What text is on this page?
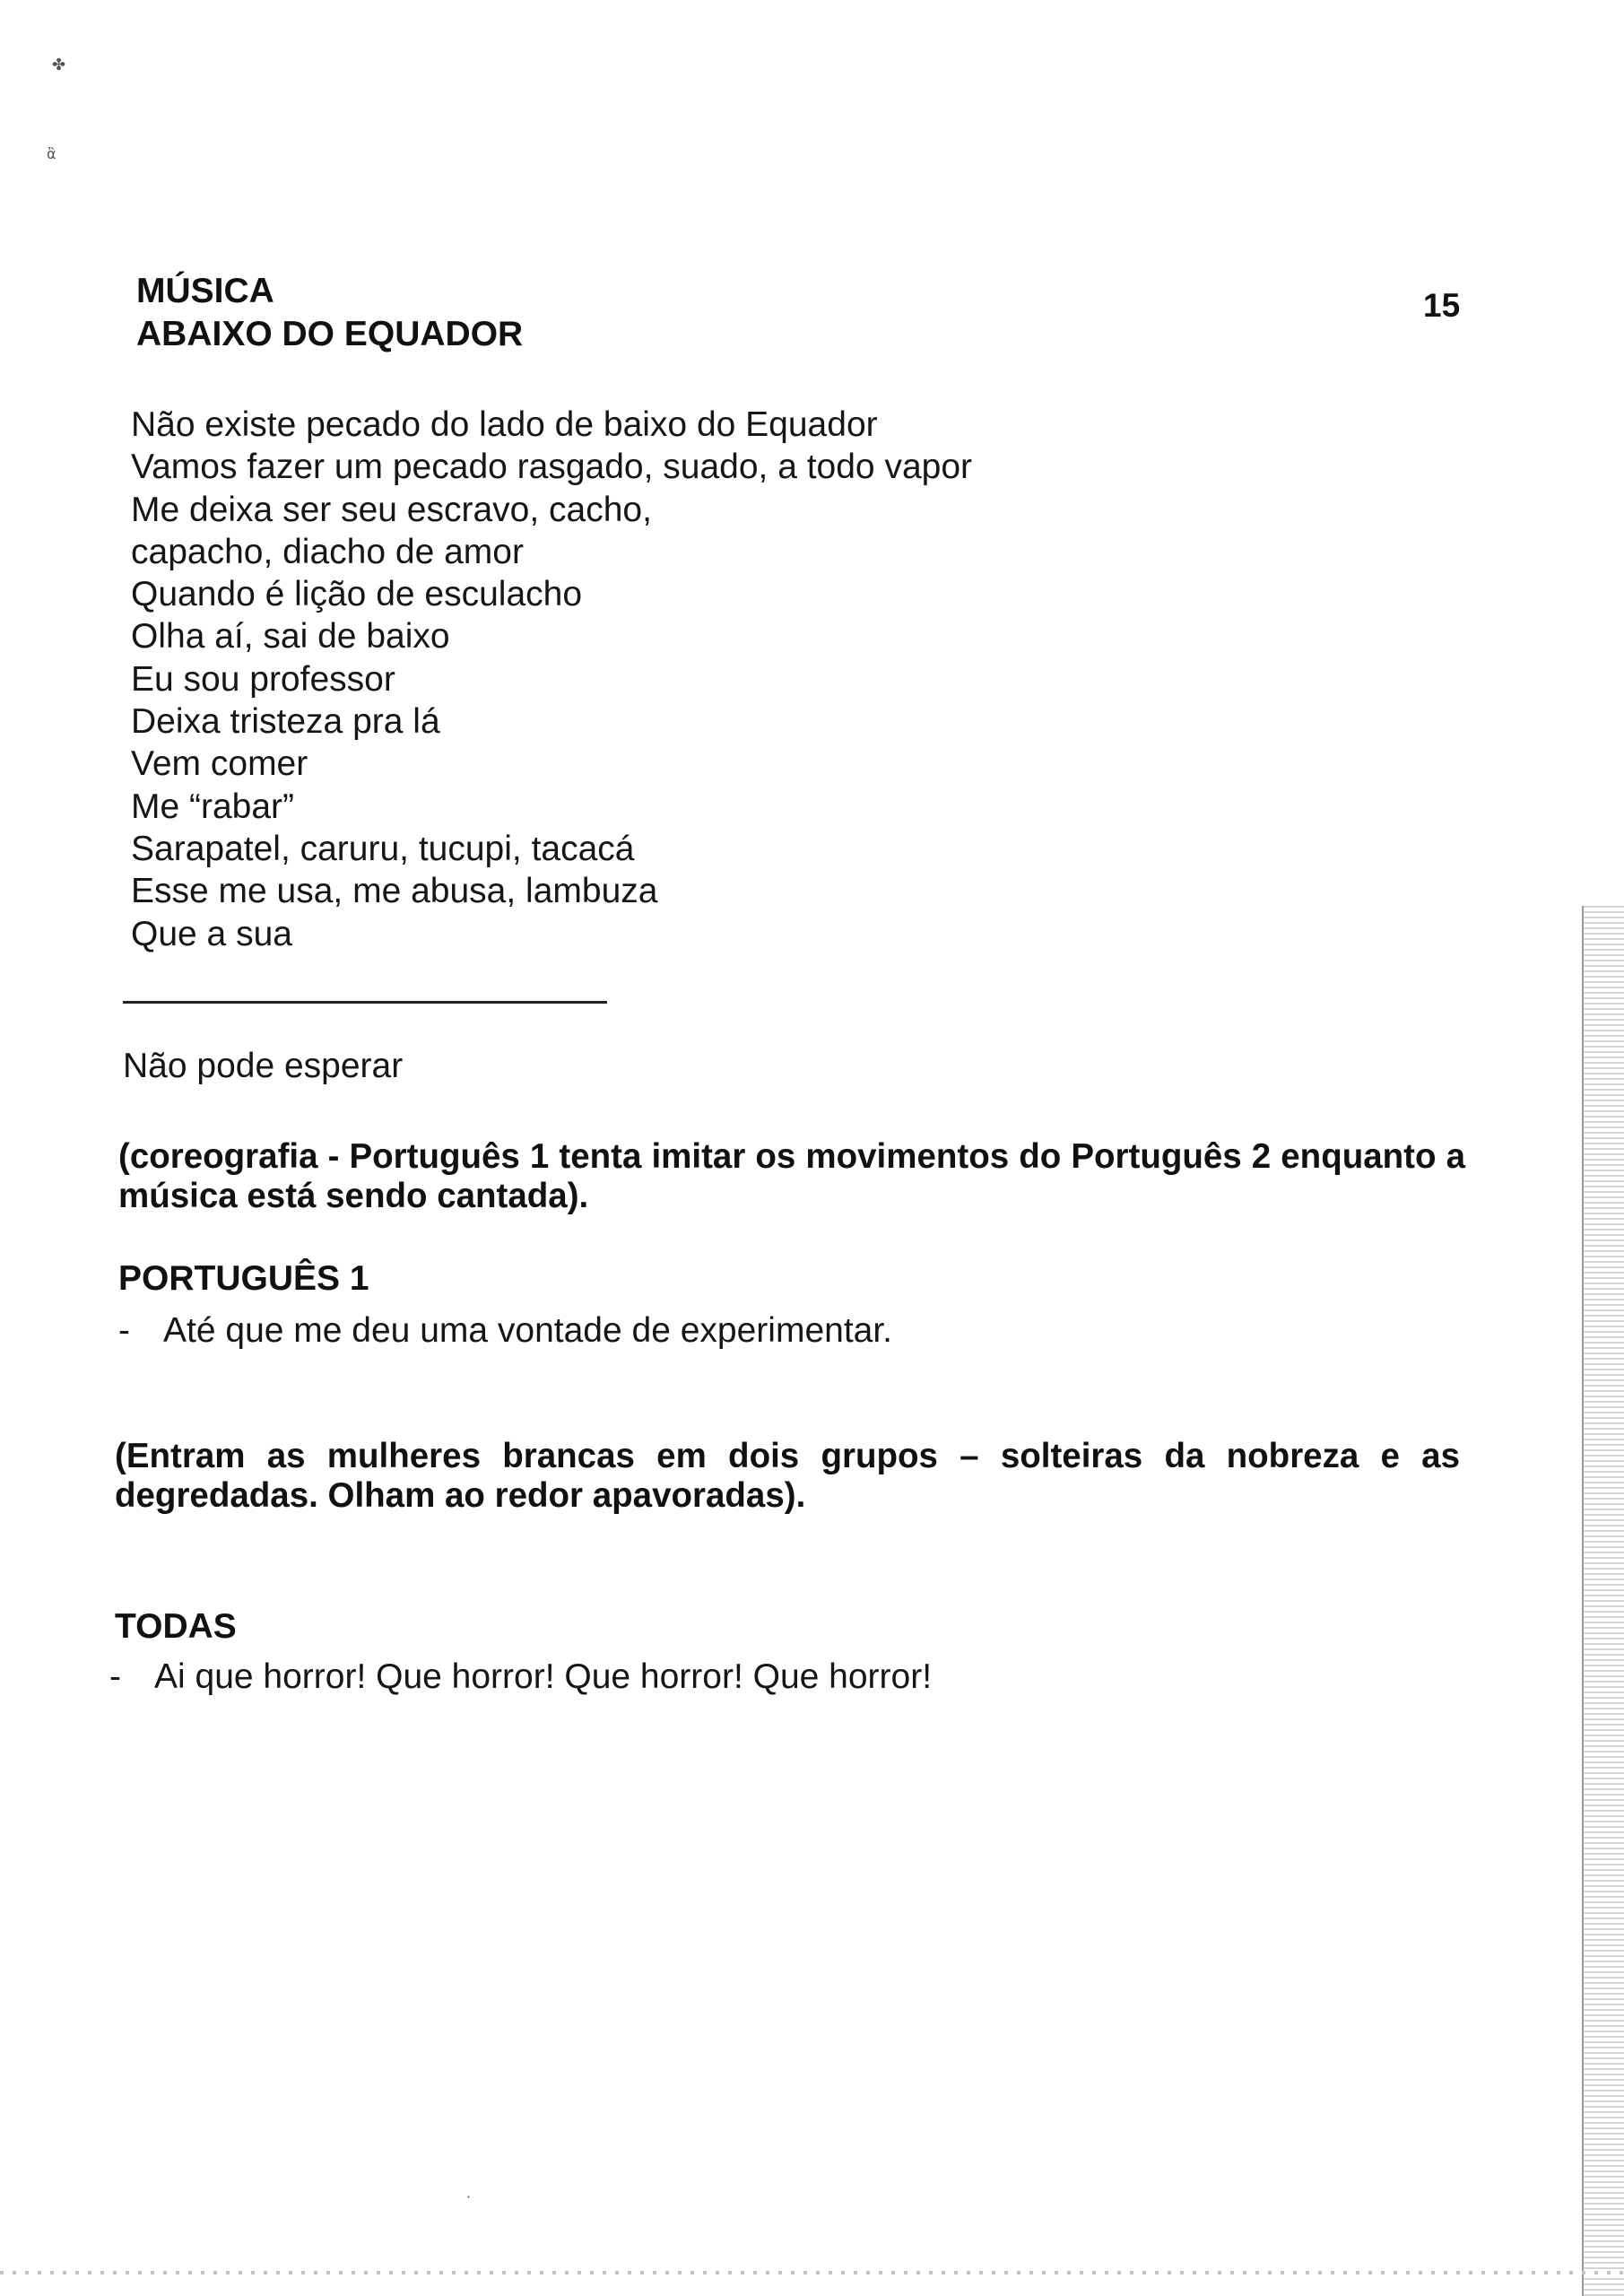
✤
ἂ
·
MÚSICA
ABAIXO DO EQUADOR
15
Não existe pecado do lado de baixo do Equador
Vamos fazer um pecado rasgado, suado, a todo vapor
Me deixa ser seu escravo, cacho,
capacho, diacho de amor
Quando é lição de esculacho
Olha aí, sai de baixo
Eu sou professor
Deixa tristeza pra lá
Vem comer
Me “rabar”
Sarapatel, caruru, tucupi, tacacá
Esse me usa, me abusa, lambuza
Que a sua
Não pode esperar
(coreografia - Português 1 tenta imitar os movimentos do Português 2 enquanto a música está sendo cantada).
PORTUGUÊS 1
- Até que me deu uma vontade de experimentar.
(Entram as mulheres brancas em dois grupos – solteiras da nobreza e as degredadas. Olham ao redor apavoradas).
TODAS
- Ai que horror! Que horror! Que horror! Que horror!
